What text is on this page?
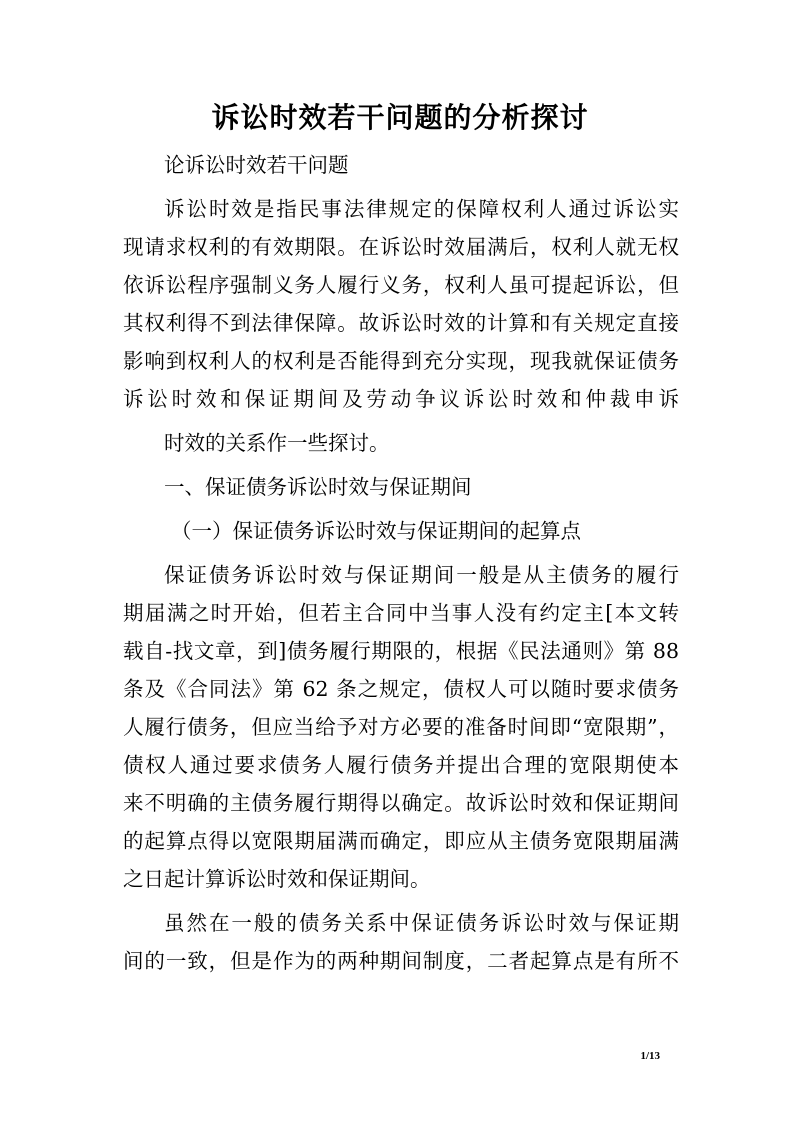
诉讼时效若干问题的分析探讨
论诉讼时效若干问题
诉讼时效是指民事法律规定的保障权利人通过诉讼实
现请求权利的有效期限。在诉讼时效届满后，权利人就无权
依诉讼程序强制义务人履行义务，权利人虽可提起诉讼，但
其权利得不到法律保障。故诉讼时效的计算和有关规定直接
影响到权利人的权利是否能得到充分实现，现我就保证债务
诉讼时效和保证期间及劳动争议诉讼时效和仲裁申诉
时效的关系作一些探讨。
一、保证债务诉讼时效与保证期间
（一）保证债务诉讼时效与保证期间的起算点
保证债务诉讼时效与保证期间一般是从主债务的履行
期届满之时开始，但若主合同中当事人没有约定主[本文转
载自-找文章，到]债务履行期限的，根据《民法通则》第 88
条及《合同法》第 62 条之规定，债权人可以随时要求债务
人履行债务，但应当给予对方必要的准备时间即“宽限期”，
债权人通过要求债务人履行债务并提出合理的宽限期使本
来不明确的主债务履行期得以确定。故诉讼时效和保证期间
的起算点得以宽限期届满而确定，即应从主债务宽限期届满
之日起计算诉讼时效和保证期间。
虽然在一般的债务关系中保证债务诉讼时效与保证期
间的一致，但是作为的两种期间制度，二者起算点是有所不
1/13
